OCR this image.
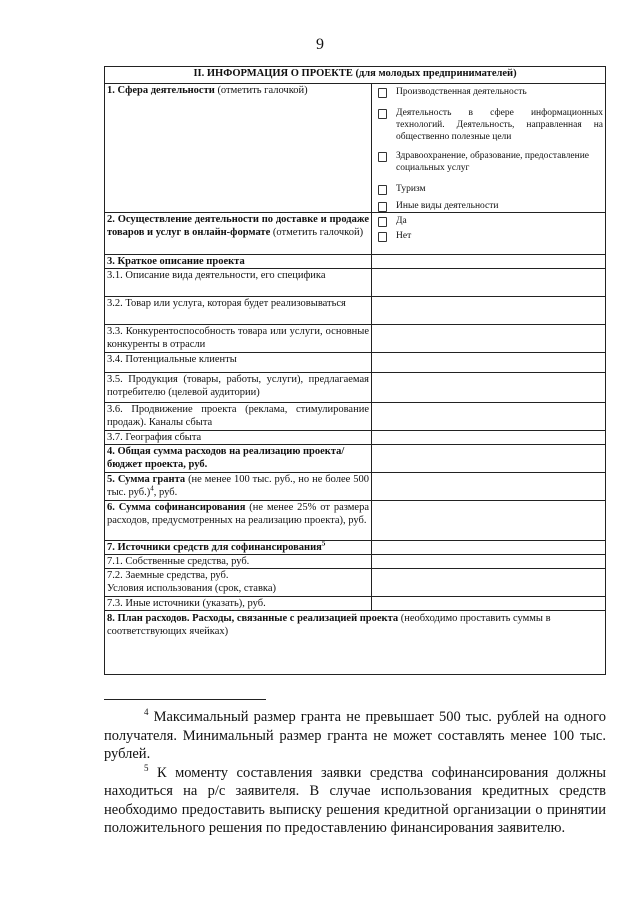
9
II. ИНФОРМАЦИЯ О ПРОЕКТЕ (для молодых предпринимателей)	
1. Сфера деятельности (отметить галочкой)	Производственная деятельность
Деятельность в сфере информационных технологий. Деятельность, направленная на общественно полезные цели
Здравоохранение, образование, предоставление социальных услуг
Туризм
Иные виды деятельности

2. Осуществление деятельности по доставке и продаже товаров и услуг в онлайн-формате (отметить галочкой)	Да
Нет

3. Краткое описание проекта	
3.1. Описание вида деятельности, его специфика	
3.2. Товар или услуга, которая будет реализовываться	
3.3. Конкурентоспособность товара или услуги, основные конкуренты в отрасли	
3.4. Потенциальные клиенты	
3.5. Продукция (товары, работы, услуги), предлагаемая потребителю (целевой аудитории)	
3.6. Продвижение проекта (реклама, стимулирование продаж). Каналы сбыта	
3.7. География сбыта	
4. Общая сумма расходов на реализацию проекта/бюджет проекта, руб.	
5. Сумма гранта (не менее 100 тыс. руб., но не более 500 тыс. руб.)$^4$, руб.	
6. Сумма софинансирования (не менее 25% от размера расходов, предусмотренных на реализацию проекта), руб.	
7. Источники средств для софинансирования$^5$	
7.1. Собственные средства, руб.	

7.2. Заемные средства, руб.
Условия использования (срок, ставка)	

7.3. Иные источники (указать), руб.	
8. План расходов. Расходы, связанные с реализацией проекта (необходимо проставить суммы в соответствующих ячейках)	

$^4$ Максимальный размер гранта не превышает 500 тыс. рублей на одного получателя. Минимальный размер гранта не может составлять менее 100 тыс. рублей.

$^5$ К моменту составления заявки средства софинансирования должны находиться на р/с заявителя. В случае использования кредитных средств необходимо предоставить выписку решения кредитной организации о принятии положительного решения по предоставлению финансирования заявителю.
